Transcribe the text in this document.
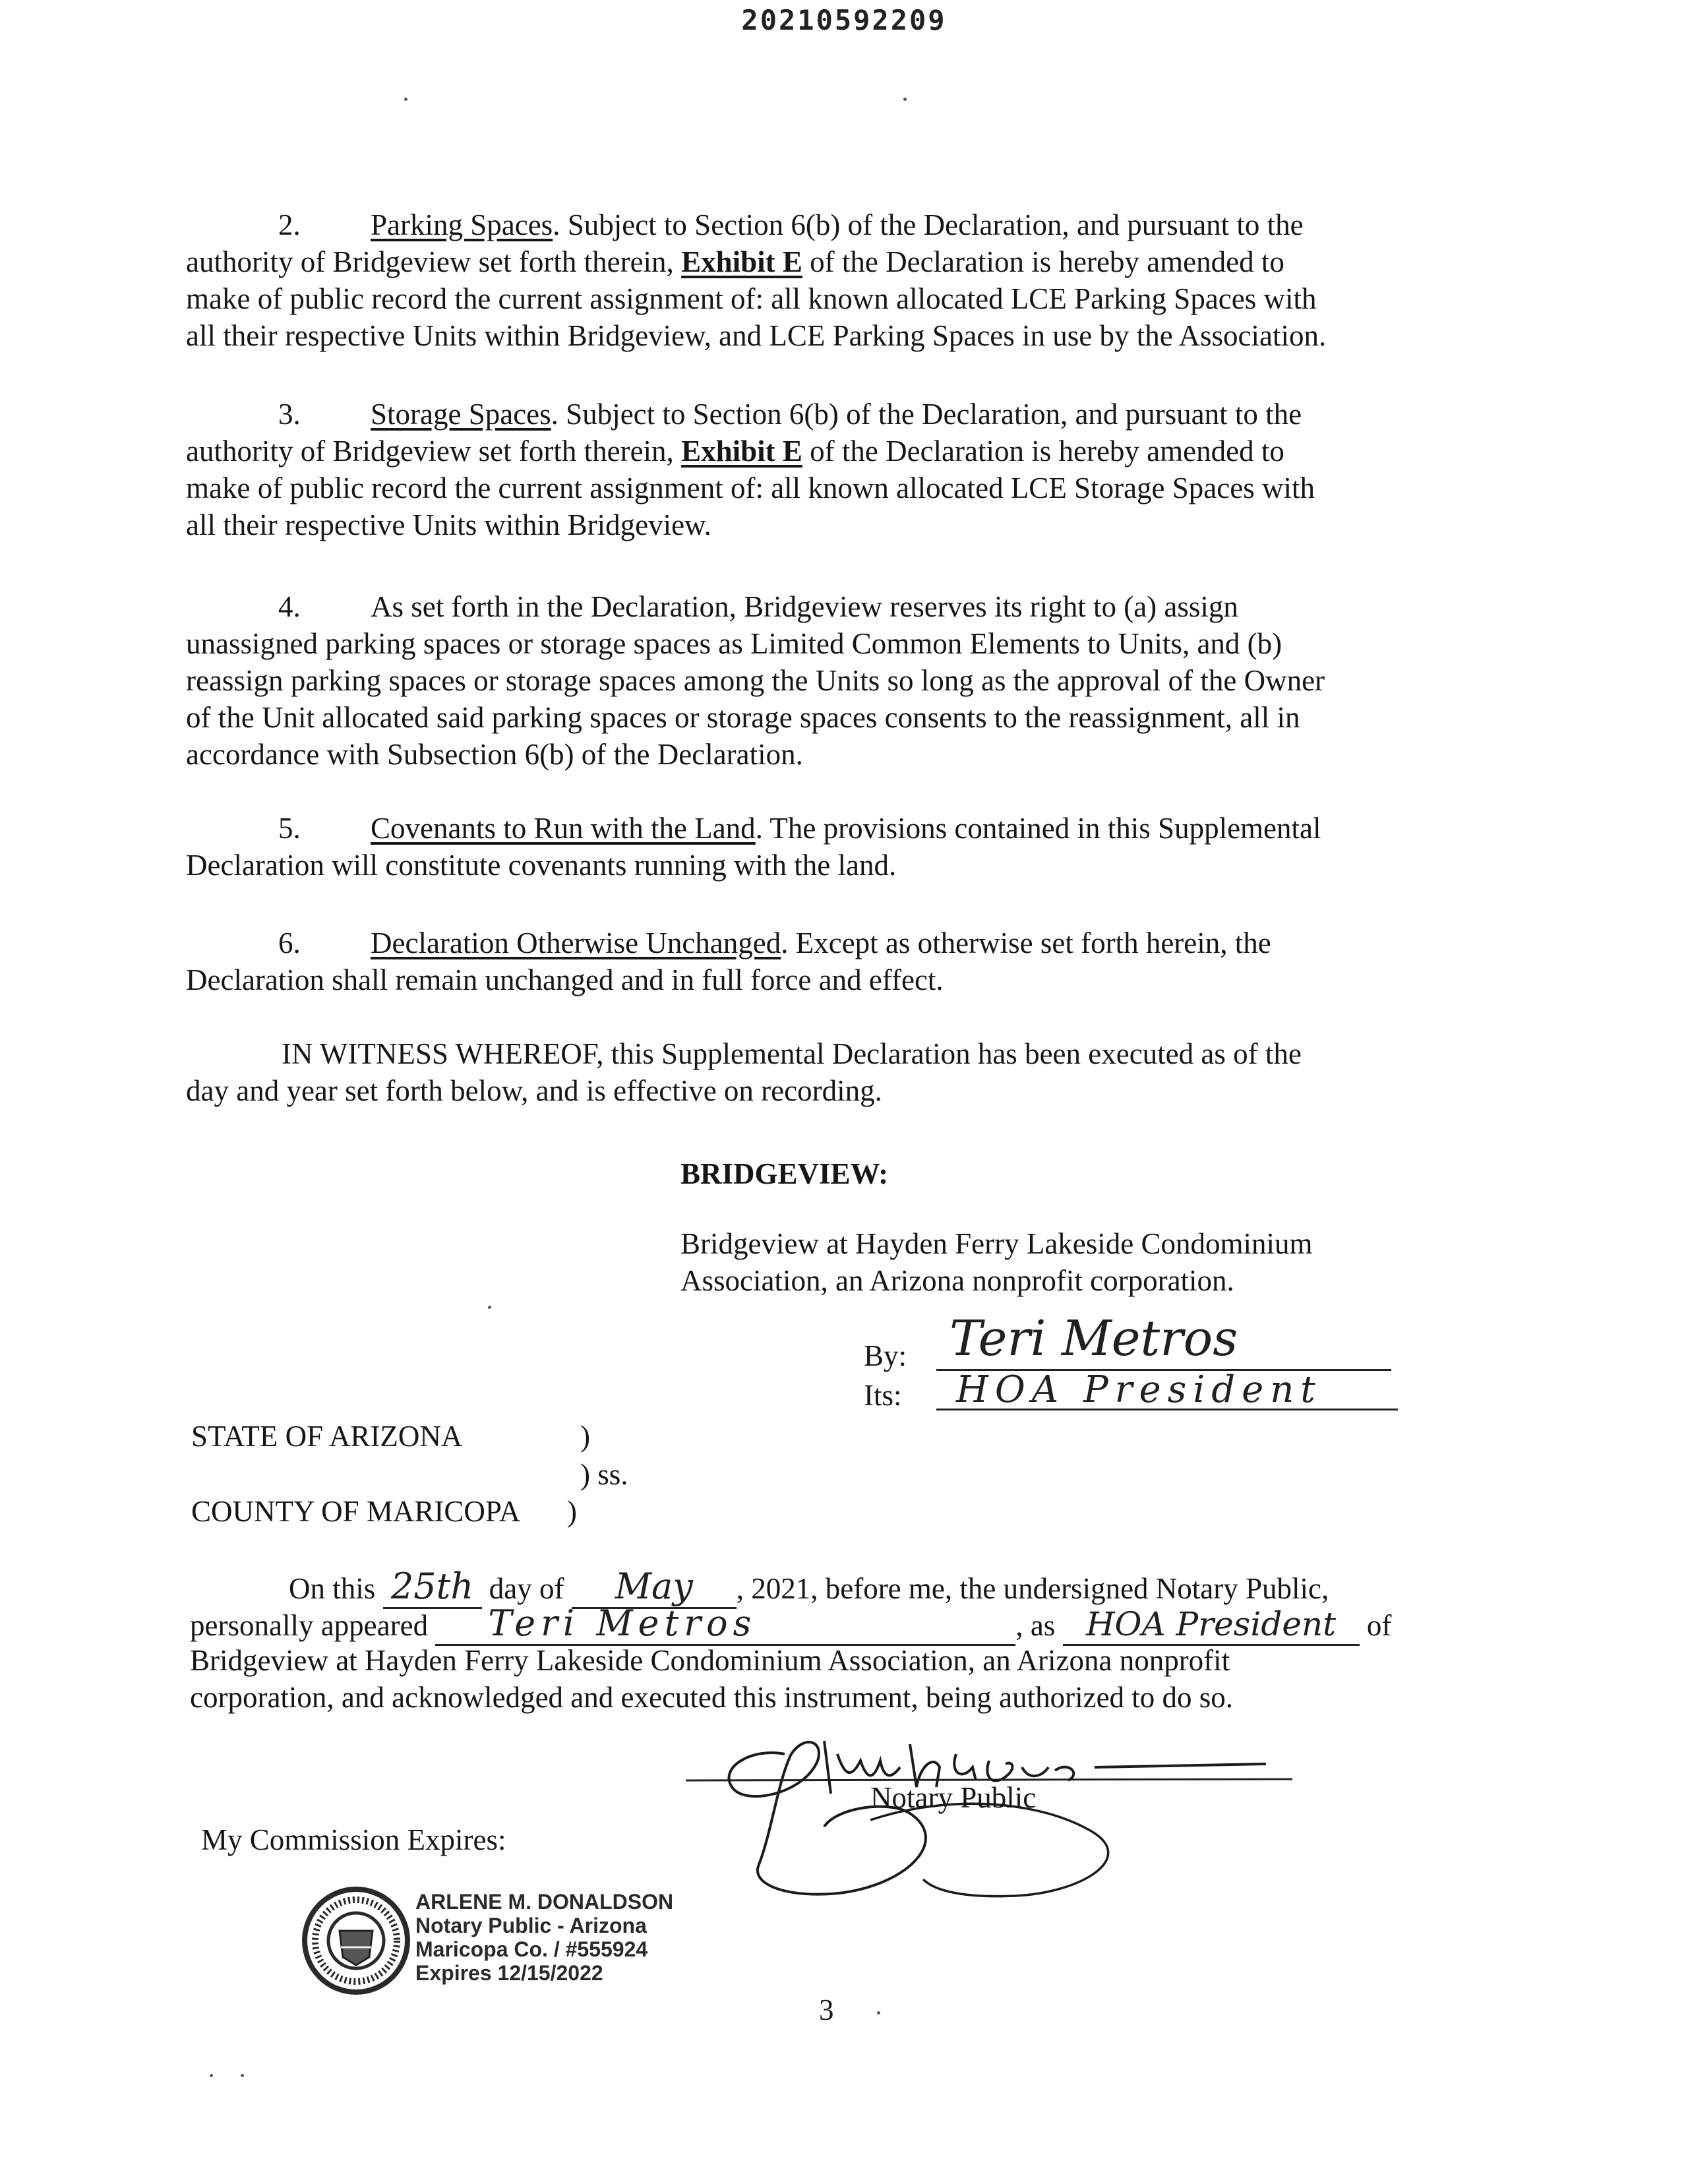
20210592209
2. Parking Spaces. Subject to Section 6(b) of the Declaration, and pursuant to the
authority of Bridgeview set forth therein, Exhibit E of the Declaration is hereby amended to
make of public record the current assignment of: all known allocated LCE Parking Spaces with
all their respective Units within Bridgeview, and LCE Parking Spaces in use by the Association.
3. Storage Spaces. Subject to Section 6(b) of the Declaration, and pursuant to the
authority of Bridgeview set forth therein, Exhibit E of the Declaration is hereby amended to
make of public record the current assignment of: all known allocated LCE Storage Spaces with
all their respective Units within Bridgeview.
4. As set forth in the Declaration, Bridgeview reserves its right to (a) assign
unassigned parking spaces or storage spaces as Limited Common Elements to Units, and (b)
reassign parking spaces or storage spaces among the Units so long as the approval of the Owner
of the Unit allocated said parking spaces or storage spaces consents to the reassignment, all in
accordance with Subsection 6(b) of the Declaration.
5. Covenants to Run with the Land. The provisions contained in this Supplemental
Declaration will constitute covenants running with the land.
6. Declaration Otherwise Unchanged. Except as otherwise set forth herein, the
Declaration shall remain unchanged and in full force and effect.
IN WITNESS WHEREOF, this Supplemental Declaration has been executed as of the
day and year set forth below, and is effective on recording.
BRIDGEVIEW:
Bridgeview at Hayden Ferry Lakeside Condominium
Association, an Arizona nonprofit corporation.
By: Teri Metros
Its: HOA President
STATE OF ARIZONA	)
) ss.
COUNTY OF MARICOPA )
On this 25th day of May , 2021, before me, the undersigned Notary Public,
personally appeared Teri Metros	, as HOA President of
Bridgeview at Hayden Ferry Lakeside Condominium Association, an Arizona nonprofit
corporation, and acknowledged and executed this instrument, being authorized to do so.
Notary Public
My Commission Expires:
ARLENE M. DONALDSON
Notary Public - Arizona
Maricopa Co. / #555924
Expires 12/15/2022
3
